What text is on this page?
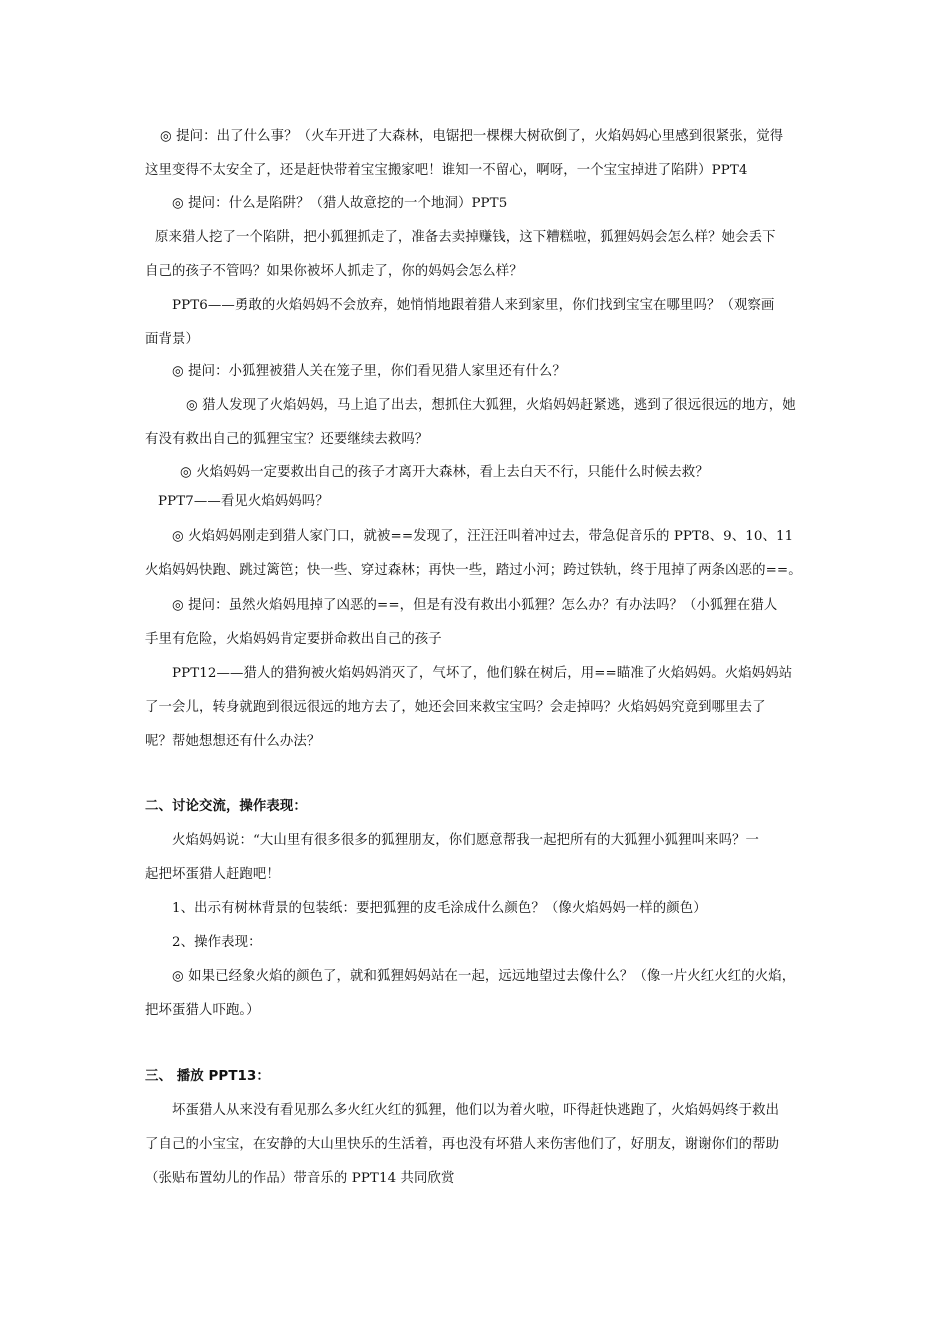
◎ 提问：出了什么事？（火车开进了大森林，电锯把一棵棵大树砍倒了，火焰妈妈心里感到很紧张，觉得
这里变得不太安全了，还是赶快带着宝宝搬家吧！谁知一不留心，啊呀，一个宝宝掉进了陷阱）PPT4
◎ 提问：什么是陷阱？（猎人故意挖的一个地洞）PPT5
原来猎人挖了一个陷阱，把小狐狸抓走了，准备去卖掉赚钱，这下糟糕啦，狐狸妈妈会怎么样？她会丢下
自己的孩子不管吗？如果你被坏人抓走了，你的妈妈会怎么样？
PPT6——勇敢的火焰妈妈不会放弃，她悄悄地跟着猎人来到家里，你们找到宝宝在哪里吗？（观察画
面背景）
◎ 提问：小狐狸被猎人关在笼子里，你们看见猎人家里还有什么？
◎ 猎人发现了火焰妈妈，马上追了出去，想抓住大狐狸，火焰妈妈赶紧逃，逃到了很远很远的地方，她
有没有救出自己的狐狸宝宝？还要继续去救吗？
◎ 火焰妈妈一定要救出自己的孩子才离开大森林，看上去白天不行，只能什么时候去救？
PPT7——看见火焰妈妈吗？
◎ 火焰妈妈刚走到猎人家门口，就被==发现了，汪汪汪叫着冲过去，带急促音乐的 PPT8、9、10、11
火焰妈妈快跑、跳过篱笆；快一些、穿过森林；再快一些，踏过小河；跨过铁轨，终于甩掉了两条凶恶的==。
◎ 提问：虽然火焰妈甩掉了凶恶的==，但是有没有救出小狐狸？怎么办？有办法吗？（小狐狸在猎人
手里有危险，火焰妈妈肯定要拼命救出自己的孩子
PPT12——猎人的猎狗被火焰妈妈消灭了，气坏了，他们躲在树后，用==瞄准了火焰妈妈。火焰妈妈站
了一会儿，转身就跑到很远很远的地方去了，她还会回来救宝宝吗？会走掉吗？火焰妈妈究竟到哪里去了
呢？帮她想想还有什么办法？
二、讨论交流，操作表现：
火焰妈妈说：“大山里有很多很多的狐狸朋友，你们愿意帮我一起把所有的大狐狸小狐狸叫来吗？一
起把坏蛋猎人赶跑吧！
1、出示有树林背景的包装纸：要把狐狸的皮毛涂成什么颜色？（像火焰妈妈一样的颜色）
2、操作表现：
◎ 如果已经象火焰的颜色了，就和狐狸妈妈站在一起，远远地望过去像什么？（像一片火红火红的火焰，
把坏蛋猎人吓跑。）
三、 播放 PPT13：
坏蛋猎人从来没有看见那么多火红火红的狐狸，他们以为着火啦，吓得赶快逃跑了，火焰妈妈终于救出
了自己的小宝宝，在安静的大山里快乐的生活着，再也没有坏猎人来伤害他们了，好朋友，谢谢你们的帮助
（张贴布置幼儿的作品）带音乐的 PPT14 共同欣赏
